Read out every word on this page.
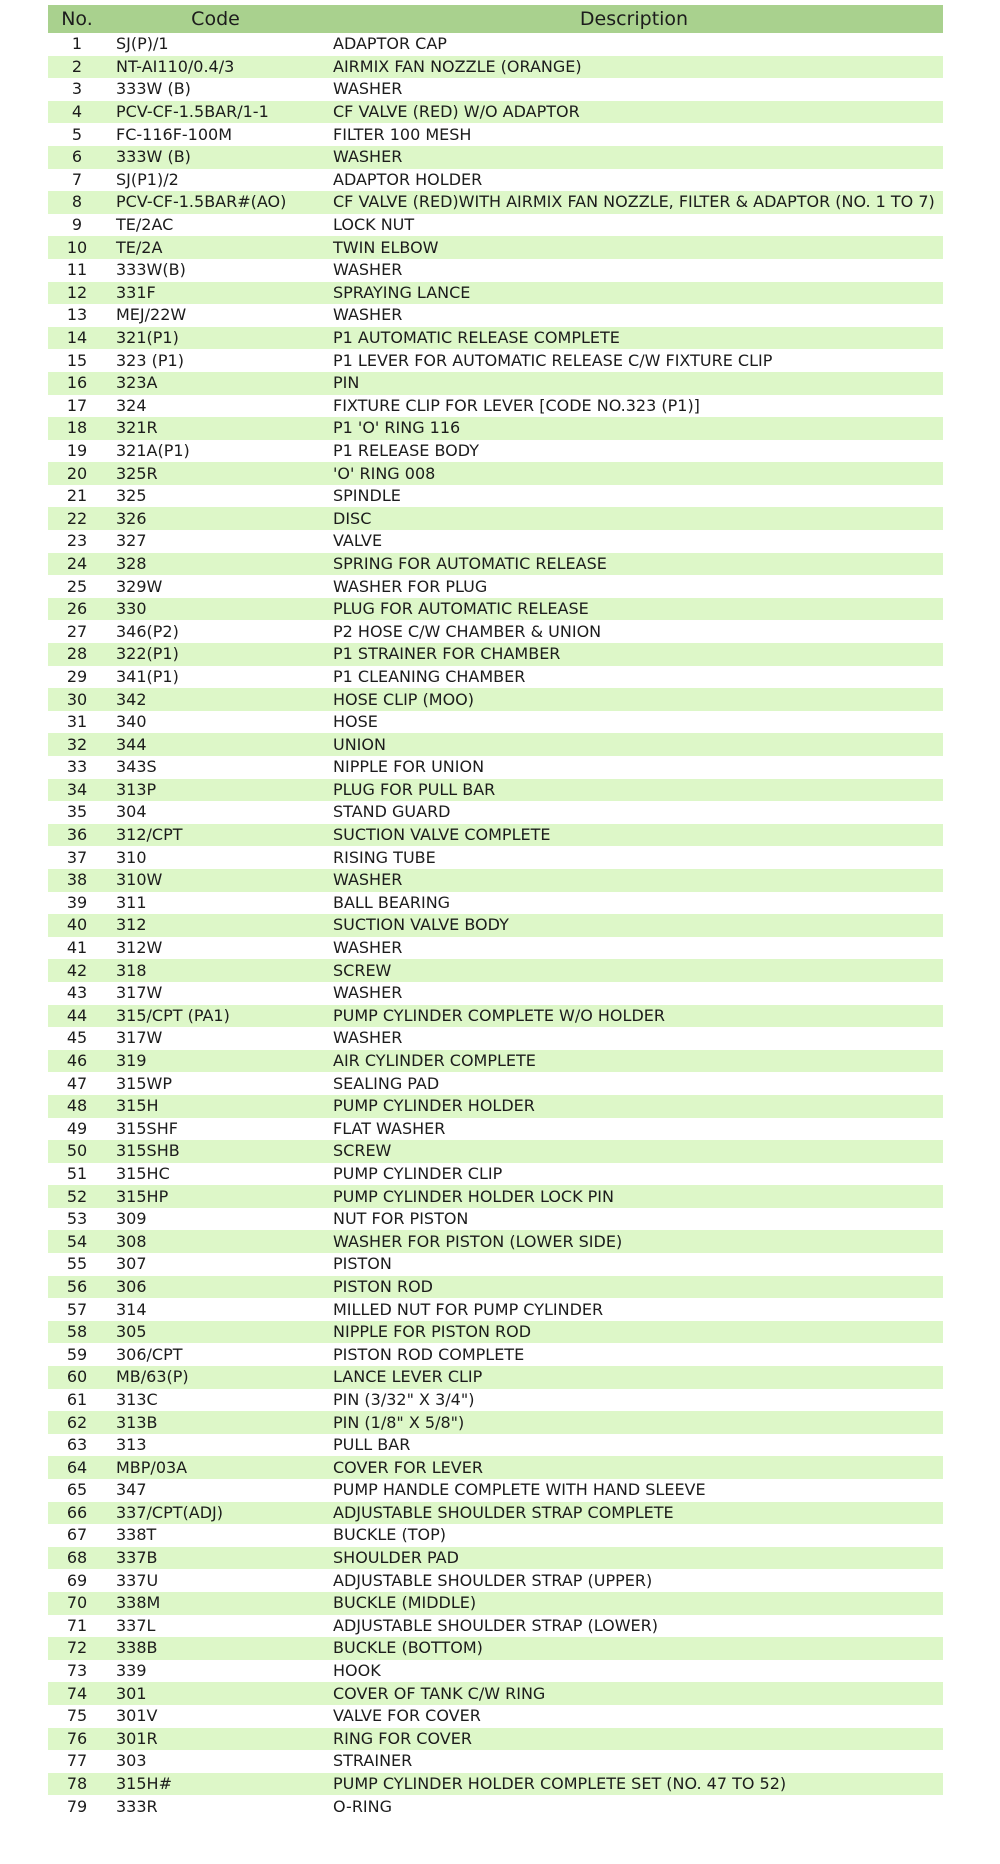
No.	Code	Description
1	SJ(P)/1	ADAPTOR CAP
2	NT-AI110/0.4/3	AIRMIX FAN NOZZLE (ORANGE)
3	333W (B)	WASHER
4	PCV-CF-1.5BAR/1-1	CF VALVE (RED) W/O ADAPTOR
5	FC-116F-100M	FILTER 100 MESH
6	333W (B)	WASHER
7	SJ(P1)/2	ADAPTOR HOLDER
8	PCV-CF-1.5BAR#(AO)	CF VALVE (RED)WITH AIRMIX FAN NOZZLE, FILTER & ADAPTOR (NO. 1 TO 7)
9	TE/2AC	LOCK NUT
10	TE/2A	TWIN ELBOW
11	333W(B)	WASHER
12	331F	SPRAYING LANCE
13	MEJ/22W	WASHER
14	321(P1)	P1 AUTOMATIC RELEASE COMPLETE
15	323 (P1)	P1 LEVER FOR AUTOMATIC RELEASE C/W FIXTURE CLIP
16	323A	PIN
17	324	FIXTURE CLIP FOR LEVER [CODE NO.323 (P1)]
18	321R	P1 'O' RING 116
19	321A(P1)	P1 RELEASE BODY
20	325R	'O' RING 008
21	325	SPINDLE
22	326	DISC
23	327	VALVE
24	328	SPRING FOR AUTOMATIC RELEASE
25	329W	WASHER FOR PLUG
26	330	PLUG FOR AUTOMATIC RELEASE
27	346(P2)	P2 HOSE C/W CHAMBER & UNION
28	322(P1)	P1 STRAINER FOR CHAMBER
29	341(P1)	P1 CLEANING CHAMBER
30	342	HOSE CLIP (MOO)
31	340	HOSE
32	344	UNION
33	343S	NIPPLE FOR UNION
34	313P	PLUG FOR PULL BAR
35	304	STAND GUARD
36	312/CPT	SUCTION VALVE COMPLETE
37	310	RISING TUBE
38	310W	WASHER
39	311	BALL BEARING
40	312	SUCTION VALVE BODY
41	312W	WASHER
42	318	SCREW
43	317W	WASHER
44	315/CPT (PA1)	PUMP CYLINDER COMPLETE W/O HOLDER
45	317W	WASHER
46	319	AIR CYLINDER COMPLETE
47	315WP	SEALING PAD
48	315H	PUMP CYLINDER HOLDER
49	315SHF	FLAT WASHER
50	315SHB	SCREW
51	315HC	PUMP CYLINDER CLIP
52	315HP	PUMP CYLINDER HOLDER LOCK PIN
53	309	NUT FOR PISTON
54	308	WASHER FOR PISTON (LOWER SIDE)
55	307	PISTON
56	306	PISTON ROD
57	314	MILLED NUT FOR PUMP CYLINDER
58	305	NIPPLE FOR PISTON ROD
59	306/CPT	PISTON ROD COMPLETE
60	MB/63(P)	LANCE LEVER CLIP
61	313C	PIN (3/32" X 3/4")
62	313B	PIN (1/8" X 5/8")
63	313	PULL BAR
64	MBP/03A	COVER FOR LEVER
65	347	PUMP HANDLE COMPLETE WITH HAND SLEEVE
66	337/CPT(ADJ)	ADJUSTABLE SHOULDER STRAP COMPLETE
67	338T	BUCKLE (TOP)
68	337B	SHOULDER PAD
69	337U	ADJUSTABLE SHOULDER STRAP (UPPER)
70	338M	BUCKLE (MIDDLE)
71	337L	ADJUSTABLE SHOULDER STRAP (LOWER)
72	338B	BUCKLE (BOTTOM)
73	339	HOOK
74	301	COVER OF TANK C/W RING
75	301V	VALVE FOR COVER
76	301R	RING FOR COVER
77	303	STRAINER
78	315H#	PUMP CYLINDER HOLDER COMPLETE SET (NO. 47 TO 52)
79	333R	O-RING
